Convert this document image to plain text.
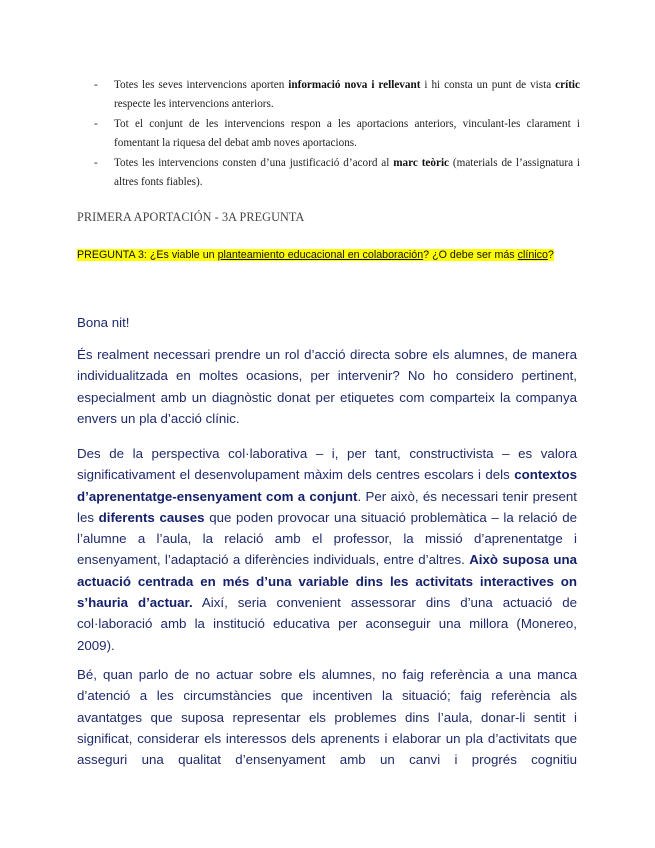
- Totes les seves intervencions aporten informació nova i rellevant i hi consta un punt de vista crític respecte les intervencions anteriors.
- Tot el conjunt de les intervencions respon a les aportacions anteriors, vinculant-les clarament i fomentant la riquesa del debat amb noves aportacions.
- Totes les intervencions consten d’una justificació d’acord al marc teòric (materials de l’assignatura i altres fonts fiables).
PRIMERA APORTACIÓN - 3A PREGUNTA
PREGUNTA 3: ¿Es viable un planteamiento educacional en colaboración? ¿O debe ser más clínico?

Bona nit!

És realment necessari prendre un rol d’acció directa sobre els alumnes, de manera individualitzada en moltes ocasions, per intervenir? No ho considero pertinent, especialment amb un diagnòstic donat per etiquetes com comparteix la companya envers un pla d’acció clínic.

Des de la perspectiva col·laborativa – i, per tant, constructivista – es valora significativament el desenvolupament màxim dels centres escolars i dels contextos d’aprenentatge-ensenyament com a conjunt. Per això, és necessari tenir present les diferents causes que poden provocar una situació problemàtica – la relació de l’alumne a l’aula, la relació amb el professor, la missió d’aprenentatge i ensenyament, l’adaptació a diferències individuals, entre d’altres. Això suposa una actuació centrada en més d’una variable dins les activitats interactives on s’hauria d’actuar. Així, seria convenient assessorar dins d’una actuació de col·laboració amb la institució educativa per aconseguir una millora (Monereo, 2009).

Bé, quan parlo de no actuar sobre els alumnes, no faig referència a una manca d’atenció a les circumstàncies que incentiven la situació; faig referència als avantatges que suposa representar els problemes dins l’aula, donar-li sentit i significat, considerar els interessos dels aprenents i elaborar un pla d’activitats que asseguri una qualitat d’ensenyament amb un canvi i progrés cognitiu
